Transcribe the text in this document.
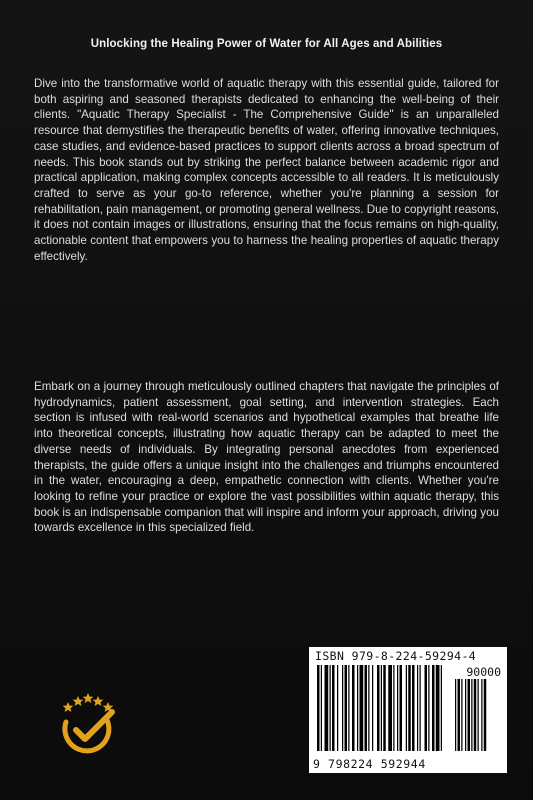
Unlocking the Healing Power of Water for All Ages and Abilities

Dive into the transformative world of aquatic therapy with this essential guide, tailored for both aspiring and seasoned therapists dedicated to enhancing the well-being of their clients. "Aquatic Therapy Specialist - The Comprehensive Guide" is an unparalleled resource that demystifies the therapeutic benefits of water, offering innovative techniques, case studies, and evidence-based practices to support clients across a broad spectrum of needs. This book stands out by striking the perfect balance between academic rigor and practical application, making complex concepts accessible to all readers. It is meticulously crafted to serve as your go-to reference, whether you're planning a session for rehabilitation, pain management, or promoting general wellness. Due to copyright reasons, it does not contain images or illustrations, ensuring that the focus remains on high-quality, actionable content that empowers you to harness the healing properties of aquatic therapy effectively.

Embark on a journey through meticulously outlined chapters that navigate the principles of hydrodynamics, patient assessment, goal setting, and intervention strategies. Each section is infused with real-world scenarios and hypothetical examples that breathe life into theoretical concepts, illustrating how aquatic therapy can be adapted to meet the diverse needs of individuals. By integrating personal anecdotes from experienced therapists, the guide offers a unique insight into the challenges and triumphs encountered in the water, encouraging a deep, empathetic connection with clients. Whether you're looking to refine your practice or explore the vast possibilities within aquatic therapy, this book is an indispensable companion that will inspire and inform your approach, driving you towards excellence in this specialized field.

ISBN 979-8-224-59294-4
90000
9 798224 592944
